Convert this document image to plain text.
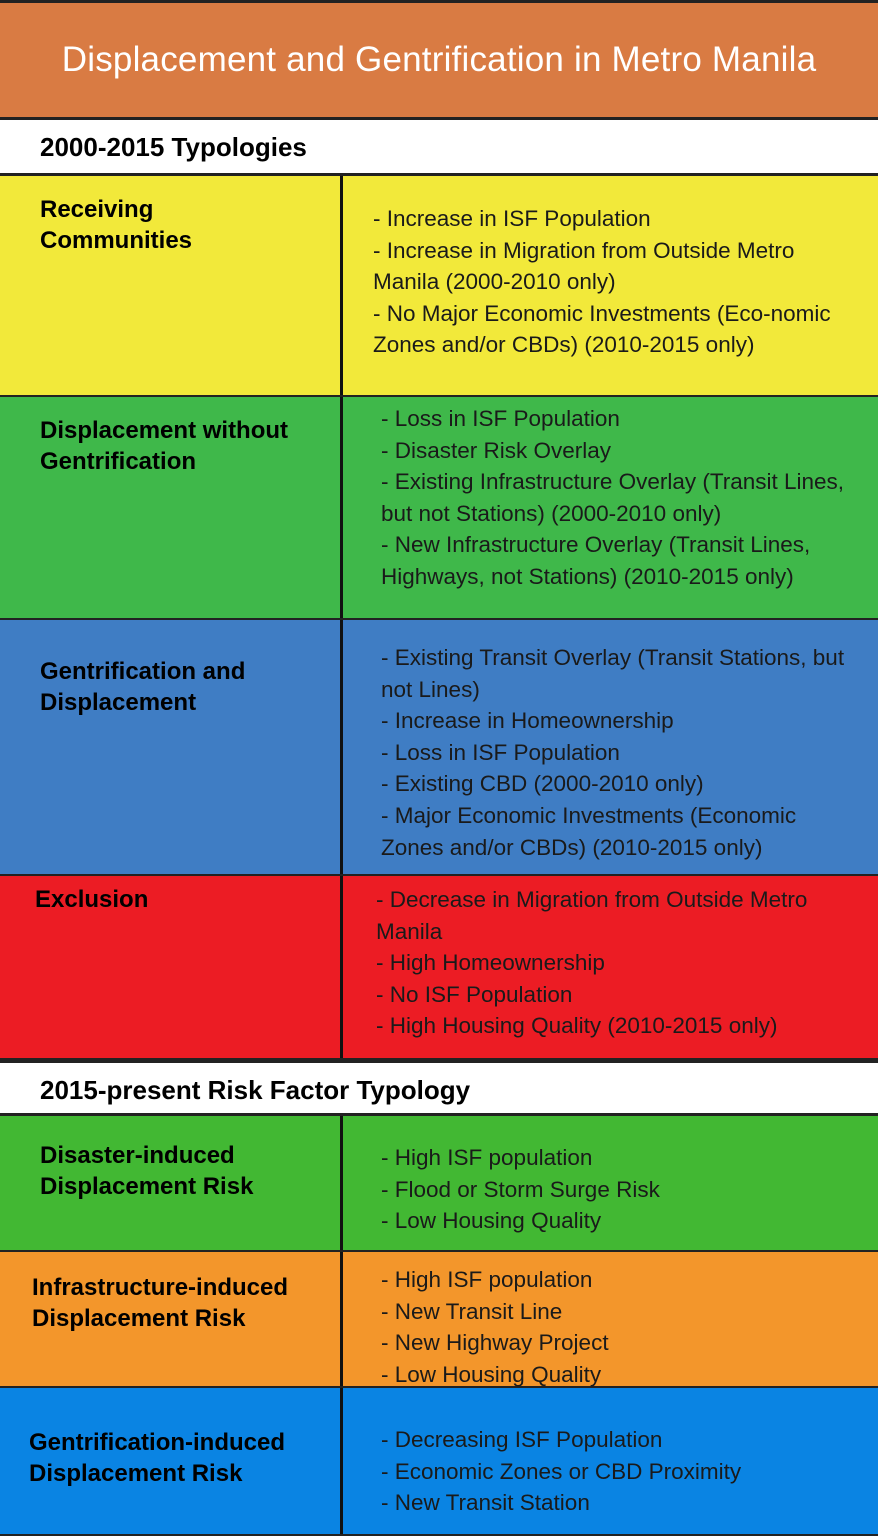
Displacement and Gentrification in Metro Manila
2000-2015 Typologies
2015-present Risk Factor Typology
Receiving Communities
- Increase in ISF Population
- Increase in Migration from Outside Metro Manila (2000-2010 only)
- No Major Economic Investments (Eco-nomic Zones and/or CBDs) (2010-2015 only)
Displacement without Gentrification
- Loss in ISF Population
- Disaster Risk Overlay
- Existing Infrastructure Overlay (Transit Lines, but not Stations) (2000-2010 only)
- New Infrastructure Overlay (Transit Lines, Highways, not Stations) (2010-2015 only)
Gentrification and Displacement
- Existing Transit Overlay (Transit Stations, but not Lines)
- Increase in Homeownership
- Loss in ISF Population
- Existing CBD (2000-2010 only)
- Major Economic Investments (Economic Zones and/or CBDs) (2010-2015 only)
Exclusion	- Decrease in Migration from Outside Metro Manila
- High Homeownership
- No ISF Population
- High Housing Quality (2010-2015 only)
Disaster-induced Displacement Risk
- High ISF population
- Flood or Storm Surge Risk
- Low Housing Quality
Infrastructure-induced Displacement Risk
- High ISF population
- New Transit Line
- New Highway Project
- Low Housing Quality
Gentrification-induced Displacement Risk
- Decreasing ISF Population
- Economic Zones or CBD Proximity
- New Transit Station
